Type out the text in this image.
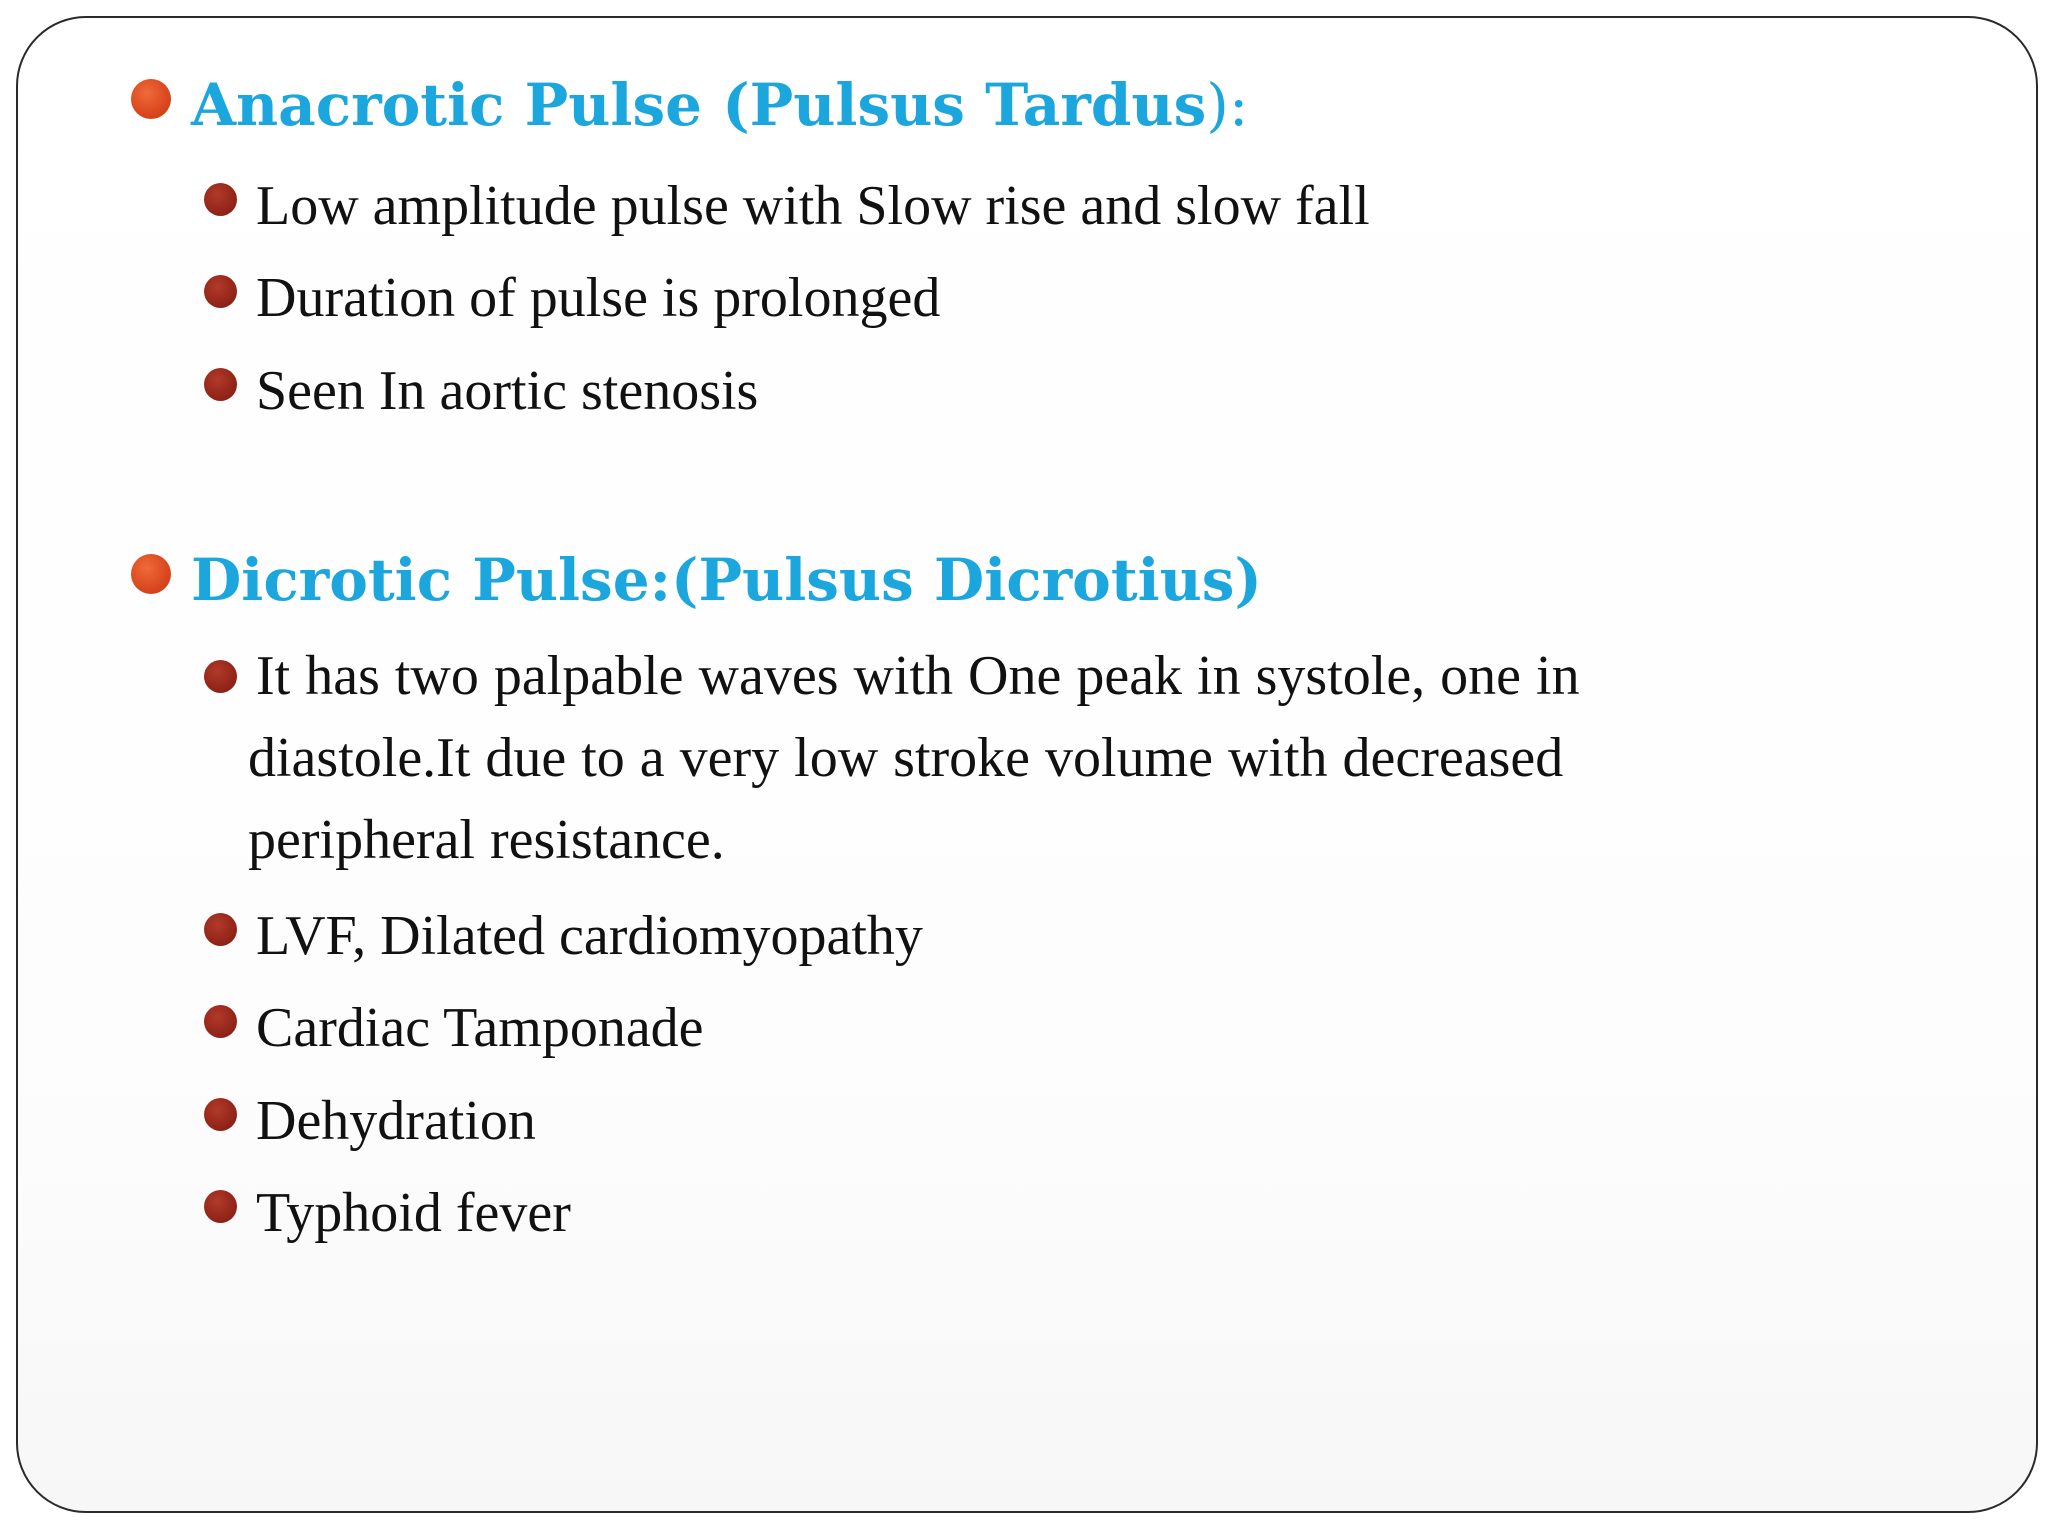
Anacrotic Pulse (Pulsus Tardus):
Low amplitude pulse with Slow rise and slow fall
Duration of pulse is prolonged
Seen In aortic stenosis
Dicrotic Pulse:(Pulsus Dicrotius)
It has two palpable waves with One peak in systole, one in diastole.It due to a very low stroke volume with decreased peripheral resistance.
LVF, Dilated cardiomyopathy
Cardiac Tamponade
Dehydration
Typhoid fever
